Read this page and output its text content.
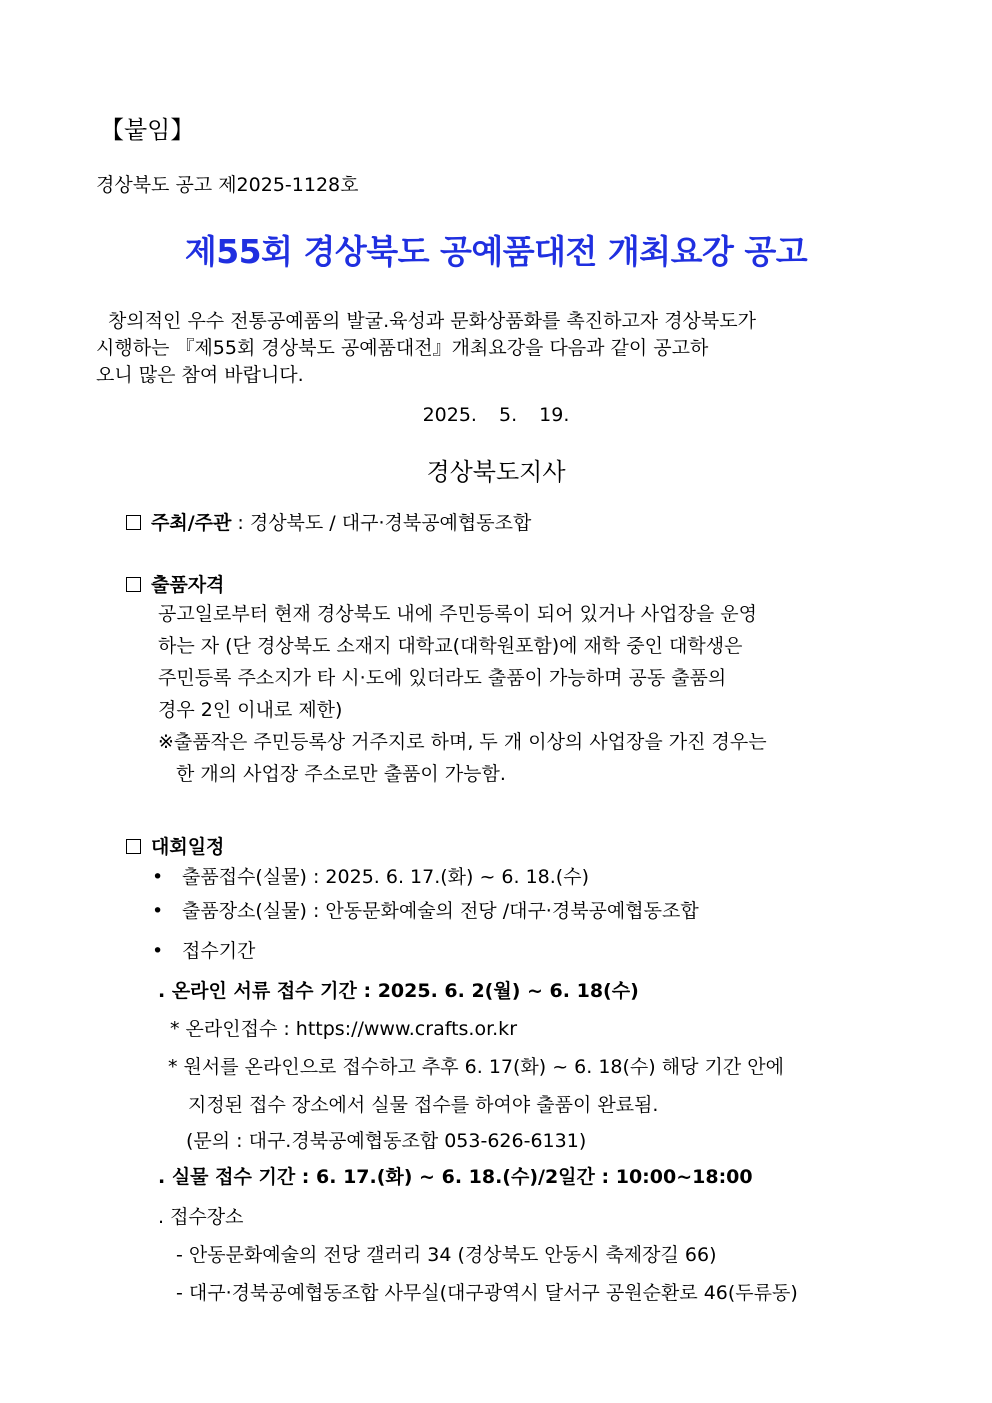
【붙임】
경상북도 공고 제2025-1128호
제55회 경상북도 공예품대전 개최요강 공고
창의적인 우수 전통공예품의 발굴.육성과 문화상품화를 촉진하고자 경상북도가
시행하는 『제55회 경상북도 공예품대전』개최요강을 다음과 같이 공고하
오니 많은 참여 바랍니다.
2025. 5. 19.
경상북도지사
주최/주관 : 경상북도 / 대구·경북공예협동조합
출품자격
공고일로부터 현재 경상북도 내에 주민등록이 되어 있거나 사업장을 운영
하는 자 (단 경상북도 소재지 대학교(대학원포함)에 재학 중인 대학생은
주민등록 주소지가 타 시·도에 있더라도 출품이 가능하며 공동 출품의
경우 2인 이내로 제한)
※출품작은 주민등록상 거주지로 하며, 두 개 이상의 사업장을 가진 경우는
한 개의 사업장 주소로만 출품이 가능함.
대회일정
• 출품접수(실물) : 2025. 6. 17.(화) ~ 6. 18.(수)
• 출품장소(실물) : 안동문화예술의 전당 /대구·경북공예협동조합
• 접수기간
. 온라인 서류 접수 기간 : 2025. 6. 2(월) ~ 6. 18(수)
* 온라인접수 : https://www.crafts.or.kr
* 원서를 온라인으로 접수하고 추후 6. 17(화) ~ 6. 18(수) 해당 기간 안에
지정된 접수 장소에서 실물 접수를 하여야 출품이 완료됨.
(문의 : 대구.경북공예협동조합 053-626-6131)
. 실물 접수 기간 : 6. 17.(화) ~ 6. 18.(수)/2일간 : 10:00~18:00
. 접수장소
- 안동문화예술의 전당 갤러리 34 (경상북도 안동시 축제장길 66)
- 대구·경북공예협동조합 사무실(대구광역시 달서구 공원순환로 46(두류동)
